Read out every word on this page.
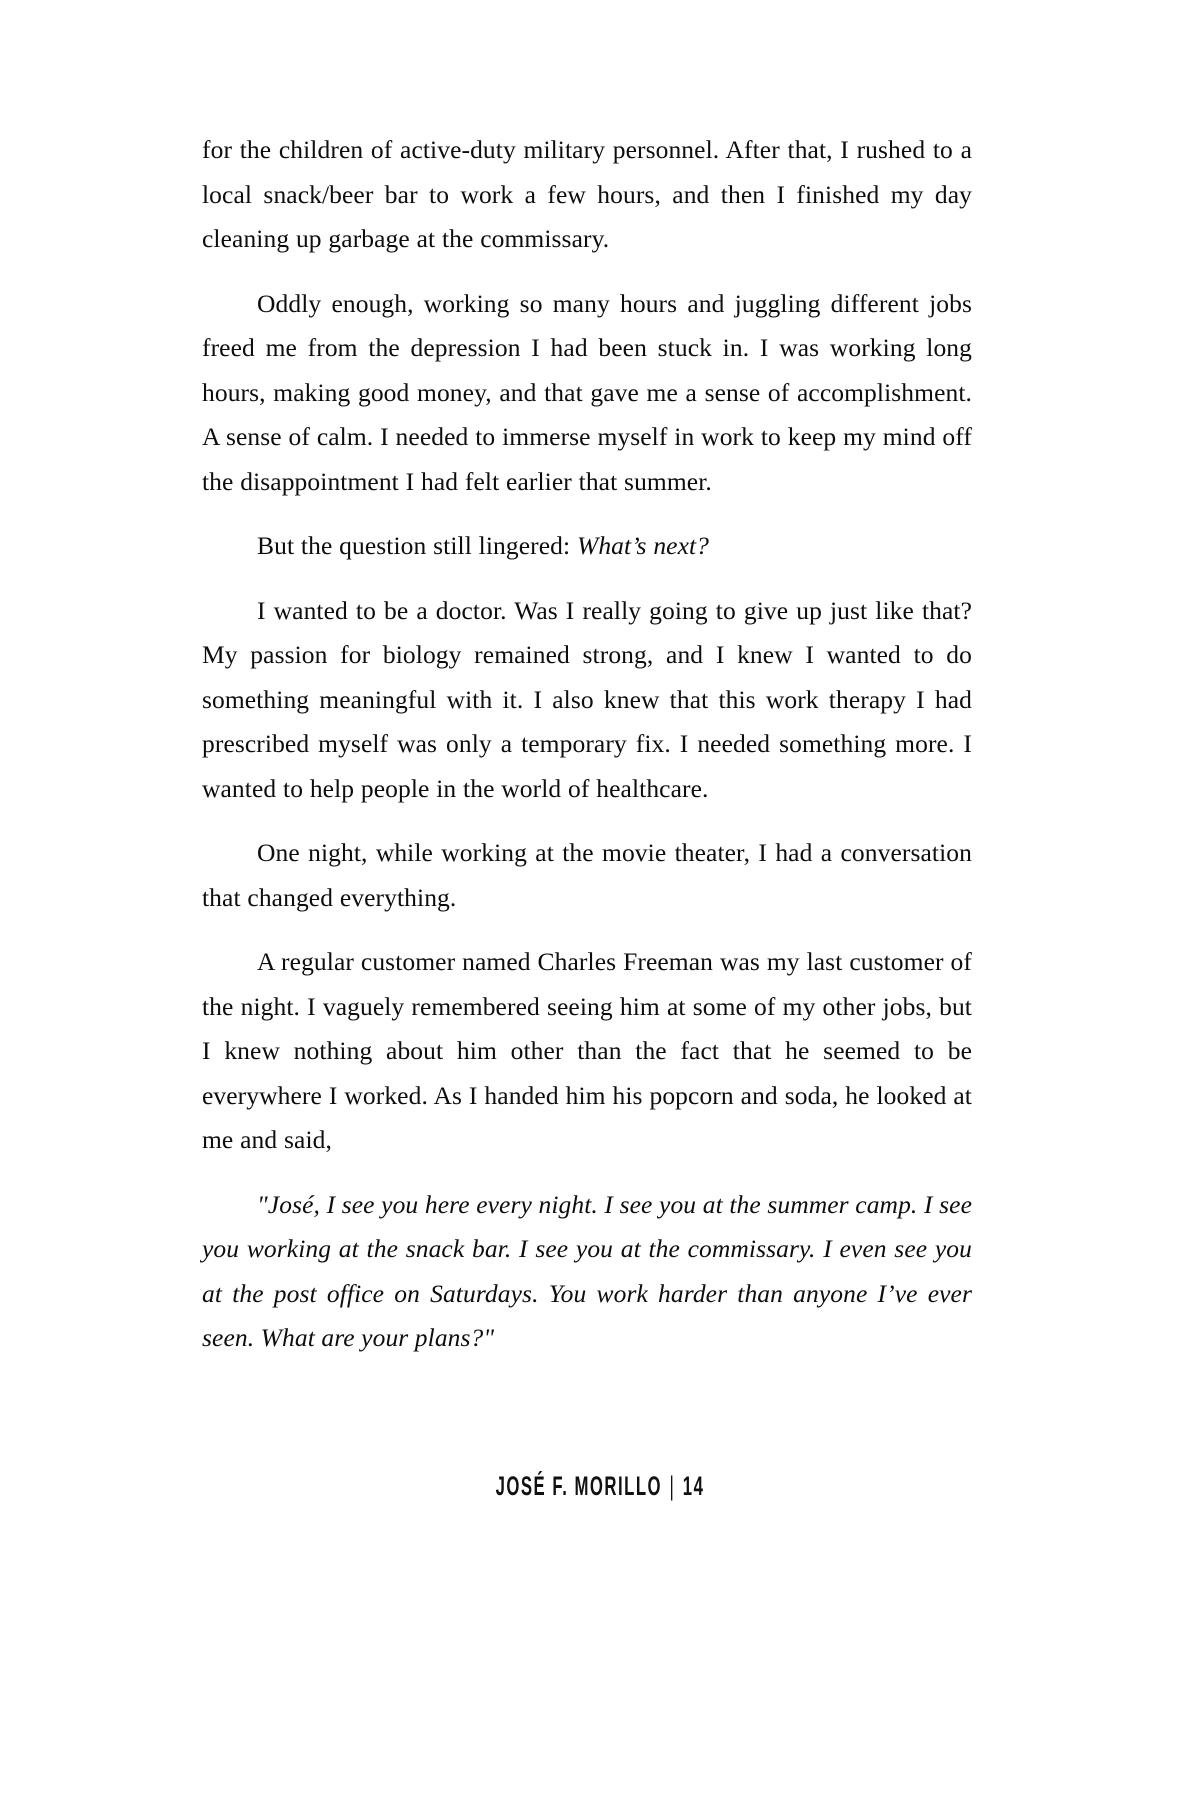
for the children of active-duty military personnel. After that, I rushed to a local snack/beer bar to work a few hours, and then I finished my day cleaning up garbage at the commissary.

Oddly enough, working so many hours and juggling different jobs freed me from the depression I had been stuck in. I was working long hours, making good money, and that gave me a sense of accomplishment. A sense of calm. I needed to immerse myself in work to keep my mind off the disappointment I had felt earlier that summer.

But the question still lingered: What’s next?

I wanted to be a doctor. Was I really going to give up just like that? My passion for biology remained strong, and I knew I wanted to do something meaningful with it. I also knew that this work therapy I had prescribed myself was only a temporary fix. I needed something more. I wanted to help people in the world of healthcare.

One night, while working at the movie theater, I had a conversation that changed everything.

A regular customer named Charles Freeman was my last customer of the night. I vaguely remembered seeing him at some of my other jobs, but I knew nothing about him other than the fact that he seemed to be everywhere I worked. As I handed him his popcorn and soda, he looked at me and said,

"José, I see you here every night. I see you at the summer camp. I see you working at the snack bar. I see you at the commissary. I even see you at the post office on Saturdays. You work harder than anyone I’ve ever seen. What are your plans?"

JOSÉ F. MORILLO | 14
